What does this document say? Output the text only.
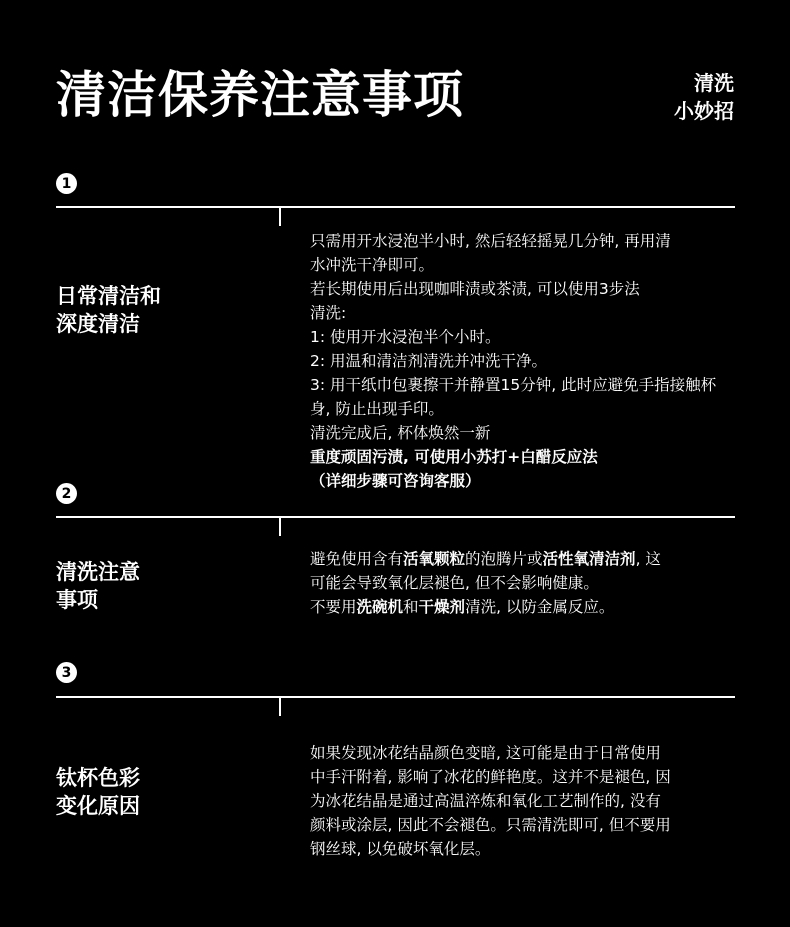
清洁保养注意事项	清洗
小妙招
1
日常清洁和
深度清洁
只需用开水浸泡半小时, 然后轻轻摇晃几分钟, 再用清
水冲洗干净即可。
若长期使用后出现咖啡渍或茶渍, 可以使用3步法
清洗:
1: 使用开水浸泡半个小时。
2: 用温和清洁剂清洗并冲洗干净。
3: 用干纸巾包裹擦干并静置15分钟, 此时应避免手指接触杯
身, 防止出现手印。
清洗完成后, 杯体焕然一新
重度顽固污渍, 可使用小苏打+白醋反应法
（详细步骤可咨询客服）
2
清洗注意
事项
避免使用含有活氧颗粒的泡腾片或活性氧清洁剂, 这
可能会导致氧化层褪色, 但不会影响健康。
不要用洗碗机和干燥剂清洗, 以防金属反应。
3
钛杯色彩
变化原因
如果发现冰花结晶颜色变暗, 这可能是由于日常使用
中手汗附着, 影响了冰花的鲜艳度。这并不是褪色, 因
为冰花结晶是通过高温淬炼和氧化工艺制作的, 没有
颜料或涂层, 因此不会褪色。只需清洗即可, 但不要用
钢丝球, 以免破坏氧化层。
